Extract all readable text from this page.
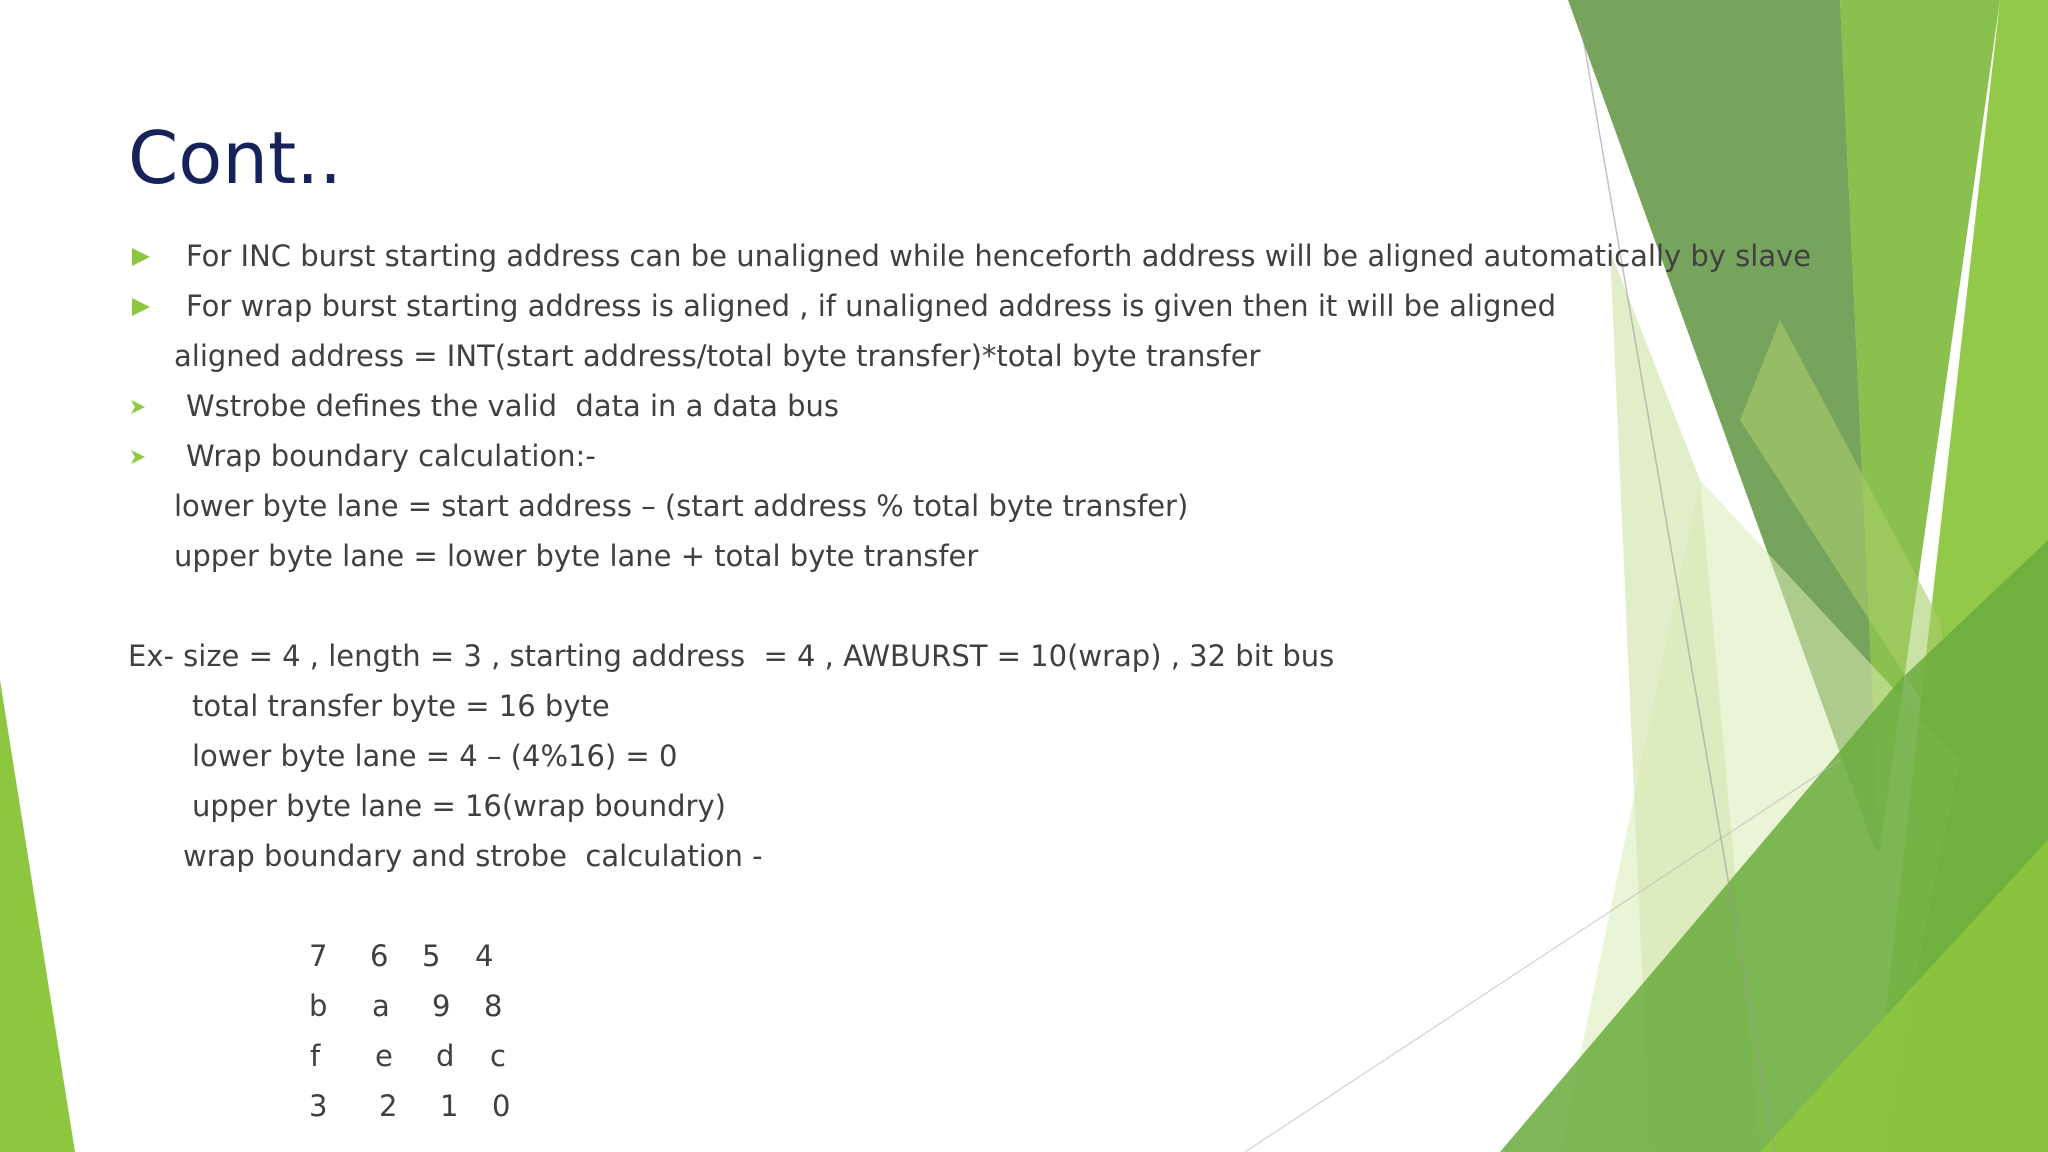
Cont..

For INC burst starting address can be unaligned while henceforth address will be aligned automatically by slave

For wrap burst starting address is aligned , if unaligned address is given then it will be aligned

aligned address = INT(start address/total byte transfer)*total byte transfer

Wstrobe defines the valid  data in a data bus

Wrap boundary calculation:-

lower byte lane = start address – (start address % total byte transfer)

upper byte lane = lower byte lane + total byte transfer

Ex- size = 4 , length = 3 , starting address  = 4 , AWBURST = 10(wrap) , 32 bit bus

total transfer byte = 16 byte

lower byte lane = 4 – (4%16) = 0

upper byte lane = 16(wrap boundry)

wrap boundary and strobe  calculation -

7 6 5 4
b a 9 8
f e d c
3 2 1 0
